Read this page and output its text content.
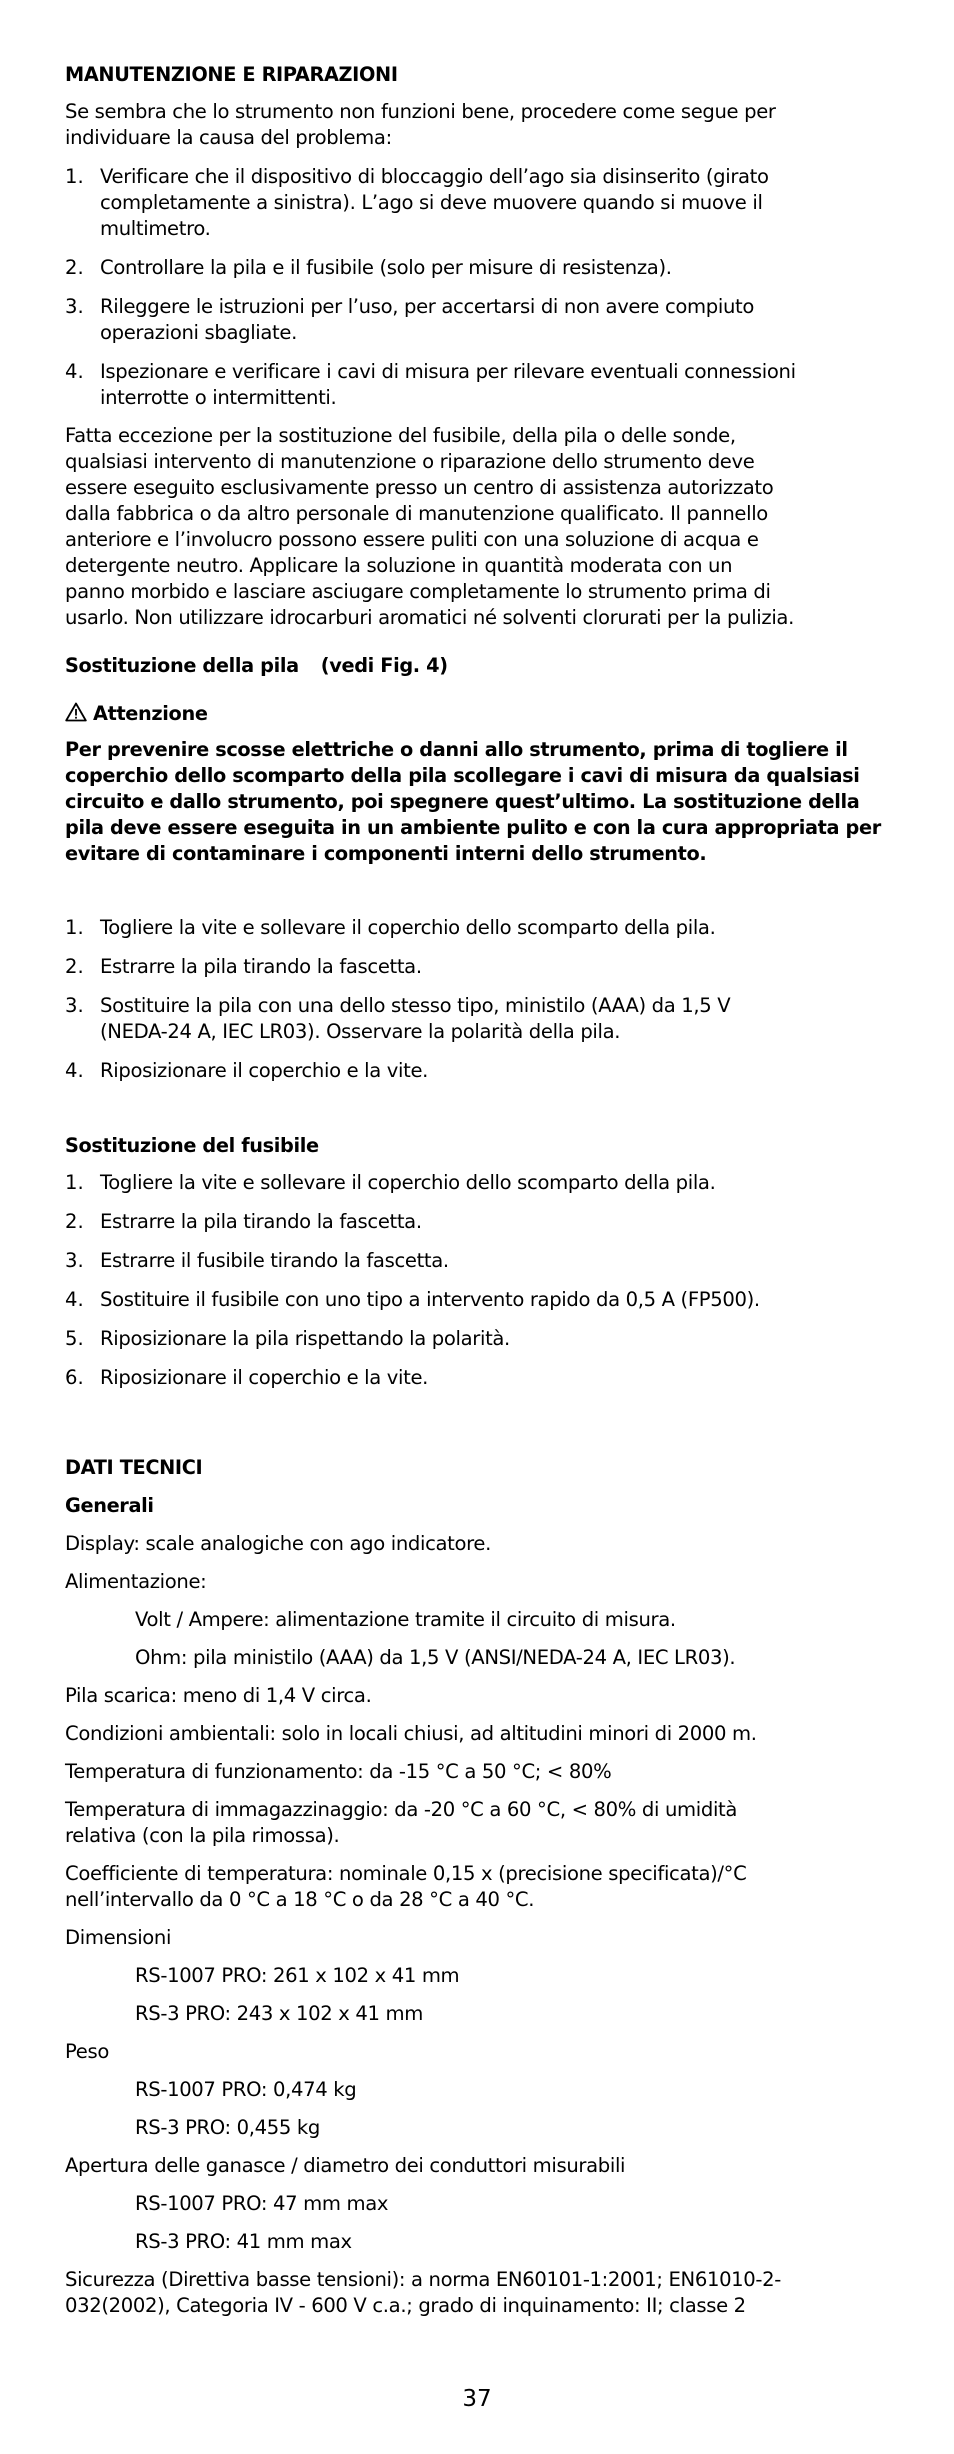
MANUTENZIONE E RIPARAZIONI
Se sembra che lo strumento non funzioni bene, procedere come segue per
individuare la causa del problema:
1. Verificare che il dispositivo di bloccaggio dell’ago sia disinserito (girato
completamente a sinistra). L’ago si deve muovere quando si muove il
multimetro.
2. Controllare la pila e il fusibile (solo per misure di resistenza).
3. Rileggere le istruzioni per l’uso, per accertarsi di non avere compiuto
operazioni sbagliate.
4. Ispezionare e verificare i cavi di misura per rilevare eventuali connessioni
interrotte o intermittenti.
Fatta eccezione per la sostituzione del fusibile, della pila o delle sonde,
qualsiasi intervento di manutenzione o riparazione dello strumento deve
essere eseguito esclusivamente presso un centro di assistenza autorizzato
dalla fabbrica o da altro personale di manutenzione qualificato. Il pannello
anteriore e l’involucro possono essere puliti con una soluzione di acqua e
detergente neutro. Applicare la soluzione in quantità moderata con un
panno morbido e lasciare asciugare completamente lo strumento prima di
usarlo. Non utilizzare idrocarburi aromatici né solventi clorurati per la pulizia.
Sostituzione della pila (vedi Fig. 4)
Attenzione
Per prevenire scosse elettriche o danni allo strumento, prima di togliere il
coperchio dello scomparto della pila scollegare i cavi di misura da qualsiasi
circuito e dallo strumento, poi spegnere quest’ultimo. La sostituzione della
pila deve essere eseguita in un ambiente pulito e con la cura appropriata per
evitare di contaminare i componenti interni dello strumento.
1. Togliere la vite e sollevare il coperchio dello scomparto della pila.
2. Estrarre la pila tirando la fascetta.
3. Sostituire la pila con una dello stesso tipo, ministilo (AAA) da 1,5 V
(NEDA-24 A, IEC LR03). Osservare la polarità della pila.
4. Riposizionare il coperchio e la vite.
Sostituzione del fusibile
1. Togliere la vite e sollevare il coperchio dello scomparto della pila.
2. Estrarre la pila tirando la fascetta.
3. Estrarre il fusibile tirando la fascetta.
4. Sostituire il fusibile con uno tipo a intervento rapido da 0,5 A (FP500).
5. Riposizionare la pila rispettando la polarità.
6. Riposizionare il coperchio e la vite.
DATI TECNICI
Generali
Display: scale analogiche con ago indicatore.
Alimentazione:
Volt / Ampere: alimentazione tramite il circuito di misura.
Ohm: pila ministilo (AAA) da 1,5 V (ANSI/NEDA-24 A, IEC LR03).
Pila scarica: meno di 1,4 V circa.
Condizioni ambientali: solo in locali chiusi, ad altitudini minori di 2000 m.
Temperatura di funzionamento: da -15 °C a 50 °C; < 80%
Temperatura di immagazzinaggio: da -20 °C a 60 °C, < 80% di umidità
relativa (con la pila rimossa).
Coefficiente di temperatura: nominale 0,15 x (precisione specificata)/°C
nell’intervallo da 0 °C a 18 °C o da 28 °C a 40 °C.
Dimensioni
RS-1007 PRO: 261 x 102 x 41 mm
RS-3 PRO: 243 x 102 x 41 mm
Peso
RS-1007 PRO: 0,474 kg
RS-3 PRO: 0,455 kg
Apertura delle ganasce / diametro dei conduttori misurabili
RS-1007 PRO: 47 mm max
RS-3 PRO: 41 mm max
Sicurezza (Direttiva basse tensioni): a norma EN60101-1:2001; EN61010-2-
032(2002), Categoria IV - 600 V c.a.; grado di inquinamento: II; classe 2
37
